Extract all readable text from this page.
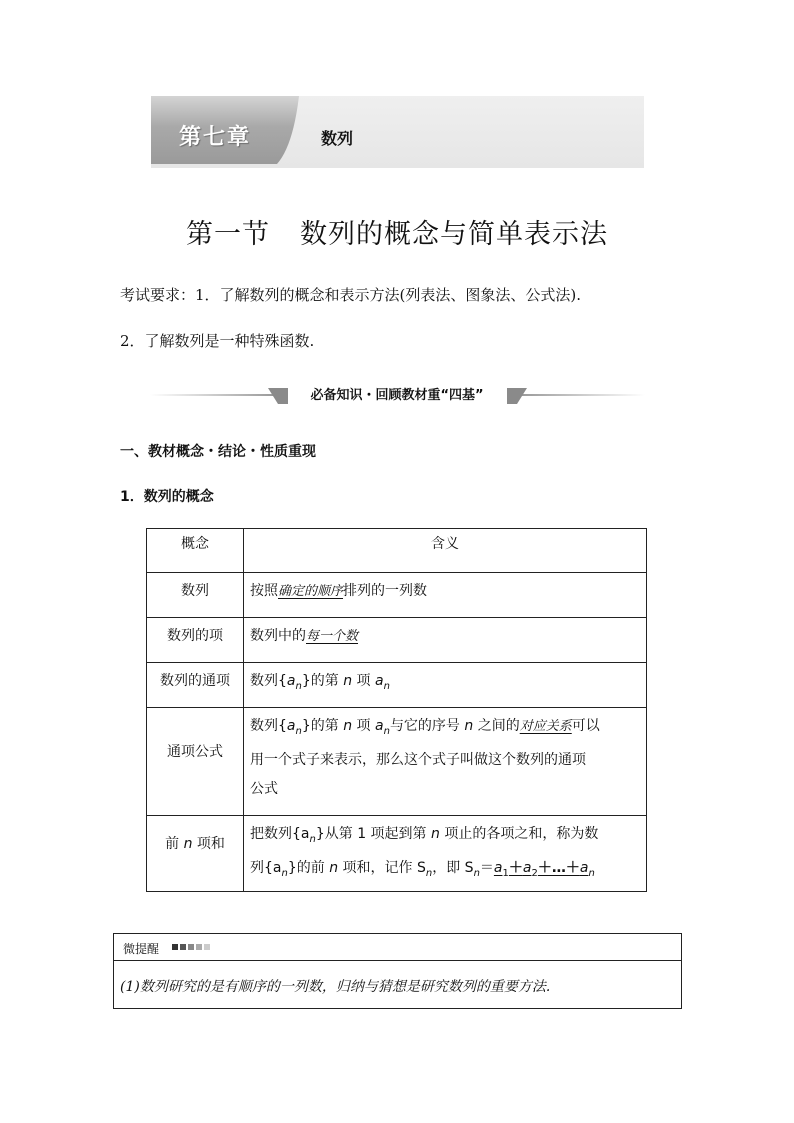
第七章	数列
第一节 数列的概念与简单表示法
考试要求：1．了解数列的概念和表示方法(列表法、图象法、公式法).
2．了解数列是一种特殊函数.
必备知识・回顾教材重“四基”
一、教材概念・结论・性质重现
1．数列的概念
概念	含义
数列	按照确定的顺序排列的一列数
数列的项	数列中的每一个数
数列的通项	数列$\{a_n\}$的第 n 项 $a_n$
通项公式	数列$\{a_n\}$的第 n 项 $a_n$与它的序号 n 之间的对应关系可以
用一个式子来表示，那么这个式子叫做这个数列的通项
公式
前 n 项和	把数列$\{a_n\}$从第 1 项起到第 n 项止的各项之和，称为数
列$\{a_n\}$的前 n 项和，记作 $S_n$，即 $S_n=a_1+a_2+\dots+a_n$
微提醒
(1)数列研究的是有顺序的一列数，归纳与猜想是研究数列的重要方法.
